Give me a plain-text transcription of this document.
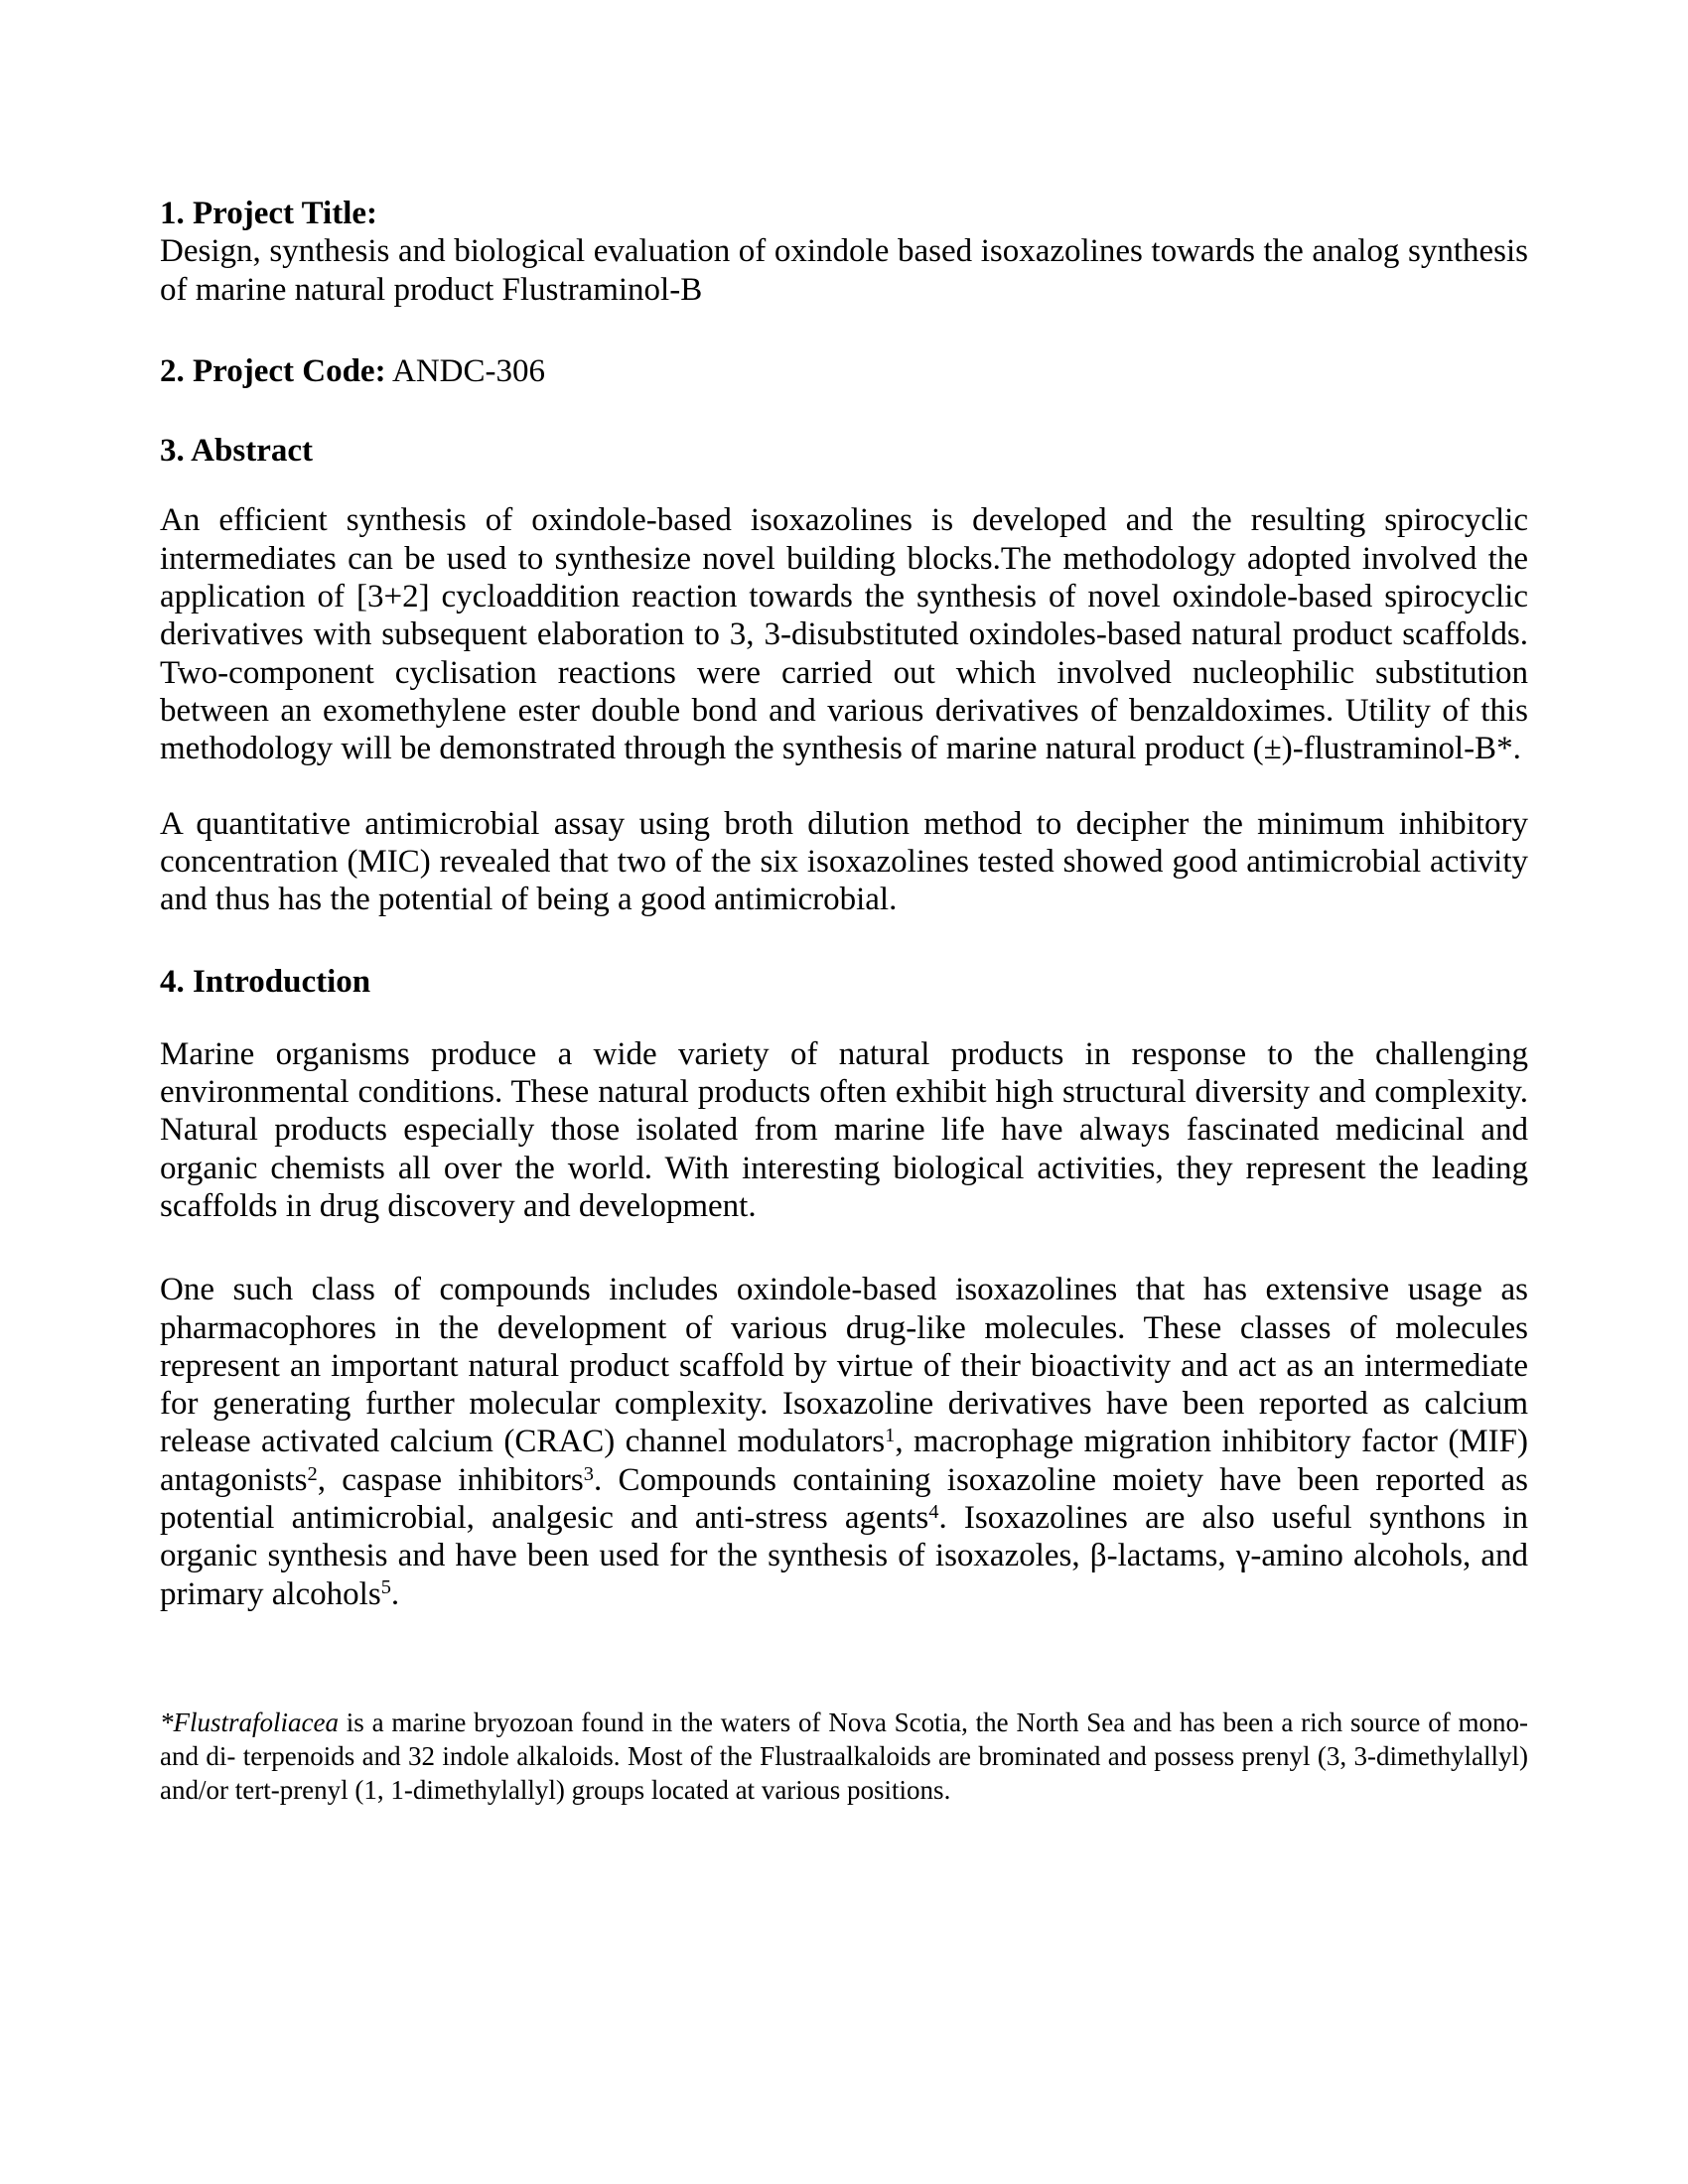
1. Project Title:

Design, synthesis and biological evaluation of oxindole based isoxazolines towards the analog synthesis of marine natural product Flustraminol-B

2. Project Code: ANDC-306

3. Abstract

An efficient synthesis of oxindole-based isoxazolines is developed and the resulting spirocyclic intermediates can be used to synthesize novel building blocks.The methodology adopted involved the application of [3+2] cycloaddition reaction towards the synthesis of novel oxindole-based spirocyclic derivatives with subsequent elaboration to 3, 3-disubstituted oxindoles-based natural product scaffolds. Two-component cyclisation reactions were carried out which involved nucleophilic substitution between an exomethylene ester double bond and various derivatives of benzaldoximes. Utility of this methodology will be demonstrated through the synthesis of marine natural product (±)-flustraminol-B*.

A quantitative antimicrobial assay using broth dilution method to decipher the minimum inhibitory concentration (MIC) revealed that two of the six isoxazolines tested showed good antimicrobial activity and thus has the potential of being a good antimicrobial.

4. Introduction

Marine organisms produce a wide variety of natural products in response to the challenging environmental conditions. These natural products often exhibit high structural diversity and complexity. Natural products especially those isolated from marine life have always fascinated medicinal and organic chemists all over the world. With interesting biological activities, they represent the leading scaffolds in drug discovery and development.

One such class of compounds includes oxindole-based isoxazolines that has extensive usage as pharmacophores in the development of various drug-like molecules. These classes of molecules represent an important natural product scaffold by virtue of their bioactivity and act as an intermediate for generating further molecular complexity. Isoxazoline derivatives have been reported as calcium release activated calcium (CRAC) channel modulators$^1$, macrophage migration inhibitory factor (MIF) antagonists$^2$, caspase inhibitors$^3$. Compounds containing isoxazoline moiety have been reported as potential antimicrobial, analgesic and anti-stress agents$^4$. Isoxazolines are also useful synthons in organic synthesis and have been used for the synthesis of isoxazoles, β-lactams, γ-amino alcohols, and primary alcohols$^5$.

*Flustrafoliacea is a marine bryozoan found in the waters of Nova Scotia, the North Sea and has been a rich source of mono- and di- terpenoids and 32 indole alkaloids. Most of the Flustraalkaloids are brominated and possess prenyl (3, 3-dimethylallyl) and/or tert-prenyl (1, 1-dimethylallyl) groups located at various positions.
